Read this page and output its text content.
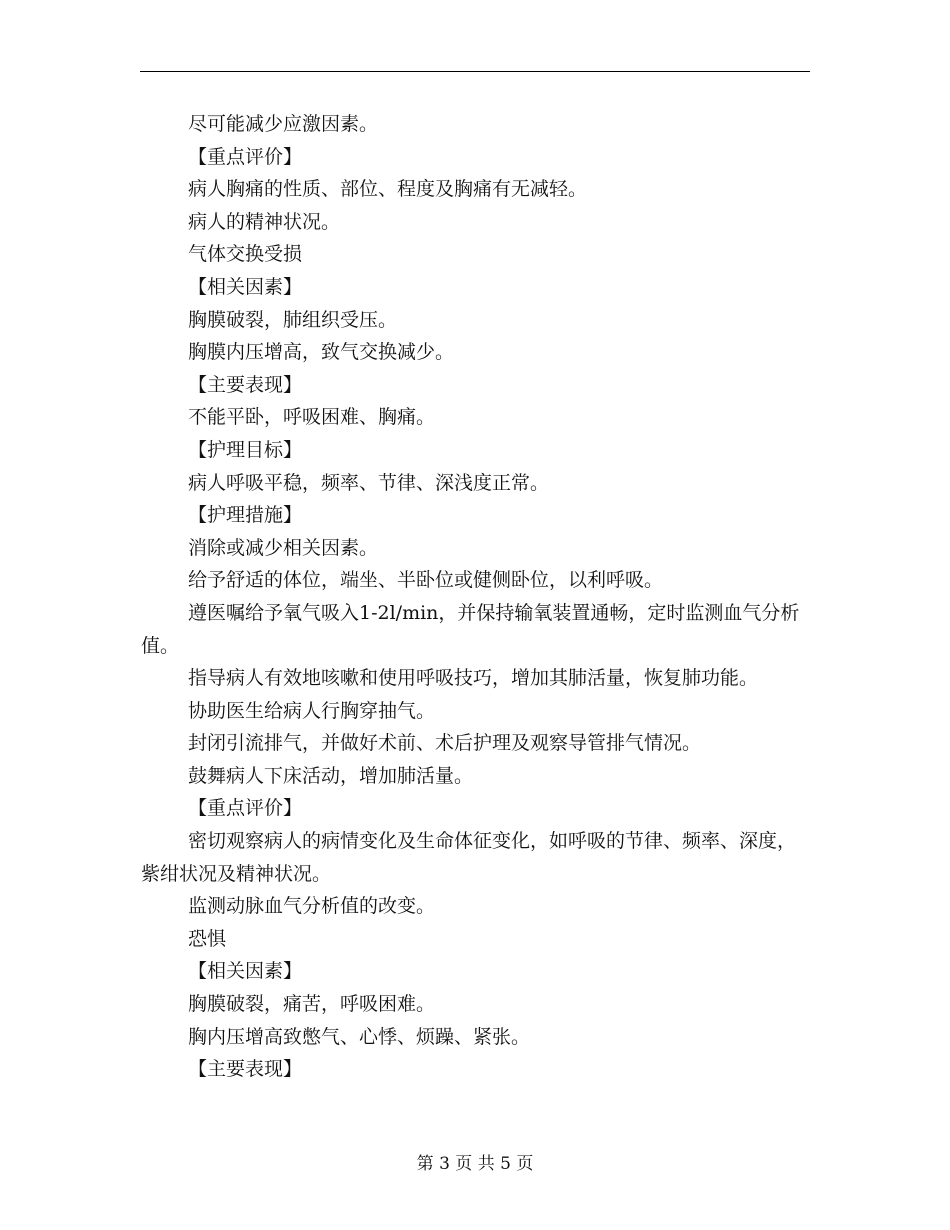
尽可能减少应激因素。

【重点评价】

病人胸痛的性质、部位、程度及胸痛有无减轻。

病人的精神状况。

气体交换受损

【相关因素】

胸膜破裂，肺组织受压。

胸膜内压增高，致气交换减少。

【主要表现】

不能平卧，呼吸困难、胸痛。

【护理目标】

病人呼吸平稳，频率、节律、深浅度正常。

【护理措施】

消除或减少相关因素。

给予舒适的体位，端坐、半卧位或健侧卧位，以利呼吸。

遵医嘱给予氧气吸入1-2l/min，并保持输氧装置通畅，定时监测血气分析值。

指导病人有效地咳嗽和使用呼吸技巧，增加其肺活量，恢复肺功能。

协助医生给病人行胸穿抽气。

封闭引流排气，并做好术前、术后护理及观察导管排气情况。

鼓舞病人下床活动，增加肺活量。

【重点评价】

密切观察病人的病情变化及生命体征变化，如呼吸的节律、频率、深度，紫绀状况及精神状况。

监测动脉血气分析值的改变。

恐惧

【相关因素】

胸膜破裂，痛苦，呼吸困难。

胸内压增高致憋气、心悸、烦躁、紧张。

【主要表现】

第 3 页 共 5 页
